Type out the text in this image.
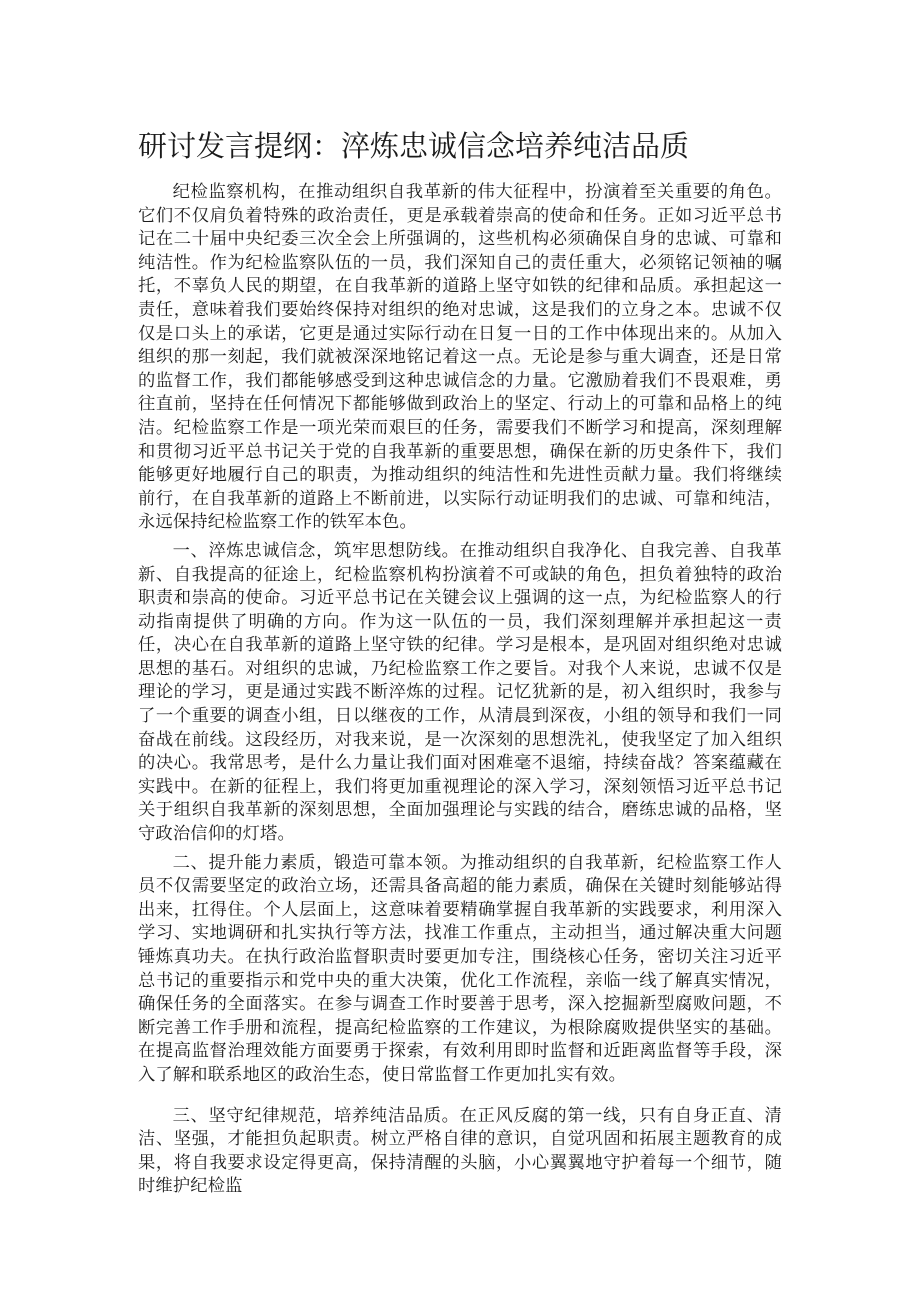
研讨发言提纲：淬炼忠诚信念培养纯洁品质

纪检监察机构，在推动组织自我革新的伟大征程中，扮演着至关重要的角色。它们不仅肩负着特殊的政治责任，更是承载着崇高的使命和任务。正如习近平总书记在二十届中央纪委三次全会上所强调的，这些机构必须确保自身的忠诚、可靠和纯洁性。作为纪检监察队伍的一员，我们深知自己的责任重大，必须铭记领袖的嘱托，不辜负人民的期望，在自我革新的道路上坚守如铁的纪律和品质。承担起这一责任，意味着我们要始终保持对组织的绝对忠诚，这是我们的立身之本。忠诚不仅仅是口头上的承诺，它更是通过实际行动在日复一日的工作中体现出来的。从加入组织的那一刻起，我们就被深深地铭记着这一点。无论是参与重大调查，还是日常的监督工作，我们都能够感受到这种忠诚信念的力量。它激励着我们不畏艰难，勇往直前，坚持在任何情况下都能够做到政治上的坚定、行动上的可靠和品格上的纯洁。纪检监察工作是一项光荣而艰巨的任务，需要我们不断学习和提高，深刻理解和贯彻习近平总书记关于党的自我革新的重要思想，确保在新的历史条件下，我们能够更好地履行自己的职责，为推动组织的纯洁性和先进性贡献力量。我们将继续前行，在自我革新的道路上不断前进，以实际行动证明我们的忠诚、可靠和纯洁，永远保持纪检监察工作的铁军本色。

一、淬炼忠诚信念，筑牢思想防线。在推动组织自我净化、自我完善、自我革新、自我提高的征途上，纪检监察机构扮演着不可或缺的角色，担负着独特的政治职责和崇高的使命。习近平总书记在关键会议上强调的这一点，为纪检监察人的行动指南提供了明确的方向。作为这一队伍的一员，我们深刻理解并承担起这一责任，决心在自我革新的道路上坚守铁的纪律。学习是根本，是巩固对组织绝对忠诚思想的基石。对组织的忠诚，乃纪检监察工作之要旨。对我个人来说，忠诚不仅是理论的学习，更是通过实践不断淬炼的过程。记忆犹新的是，初入组织时，我参与了一个重要的调查小组，日以继夜的工作，从清晨到深夜，小组的领导和我们一同奋战在前线。这段经历，对我来说，是一次深刻的思想洗礼，使我坚定了加入组织的决心。我常思考，是什么力量让我们面对困难毫不退缩，持续奋战？答案蕴藏在实践中。在新的征程上，我们将更加重视理论的深入学习，深刻领悟习近平总书记关于组织自我革新的深刻思想，全面加强理论与实践的结合，磨练忠诚的品格，坚守政治信仰的灯塔。

二、提升能力素质，锻造可靠本领。为推动组织的自我革新，纪检监察工作人员不仅需要坚定的政治立场，还需具备高超的能力素质，确保在关键时刻能够站得出来，扛得住。个人层面上，这意味着要精确掌握自我革新的实践要求，利用深入学习、实地调研和扎实执行等方法，找准工作重点，主动担当，通过解决重大问题锤炼真功夫。在执行政治监督职责时要更加专注，围绕核心任务，密切关注习近平总书记的重要指示和党中央的重大决策，优化工作流程，亲临一线了解真实情况，确保任务的全面落实。在参与调查工作时要善于思考，深入挖掘新型腐败问题，不断完善工作手册和流程，提高纪检监察的工作建议，为根除腐败提供坚实的基础。在提高监督治理效能方面要勇于探索，有效利用即时监督和近距离监督等手段，深入了解和联系地区的政治生态，使日常监督工作更加扎实有效。

三、坚守纪律规范，培养纯洁品质。在正风反腐的第一线，只有自身正直、清洁、坚强，才能担负起职责。树立严格自律的意识，自觉巩固和拓展主题教育的成果，将自我要求设定得更高，保持清醒的头脑，小心翼翼地守护着每一个细节，随时维护纪检监
